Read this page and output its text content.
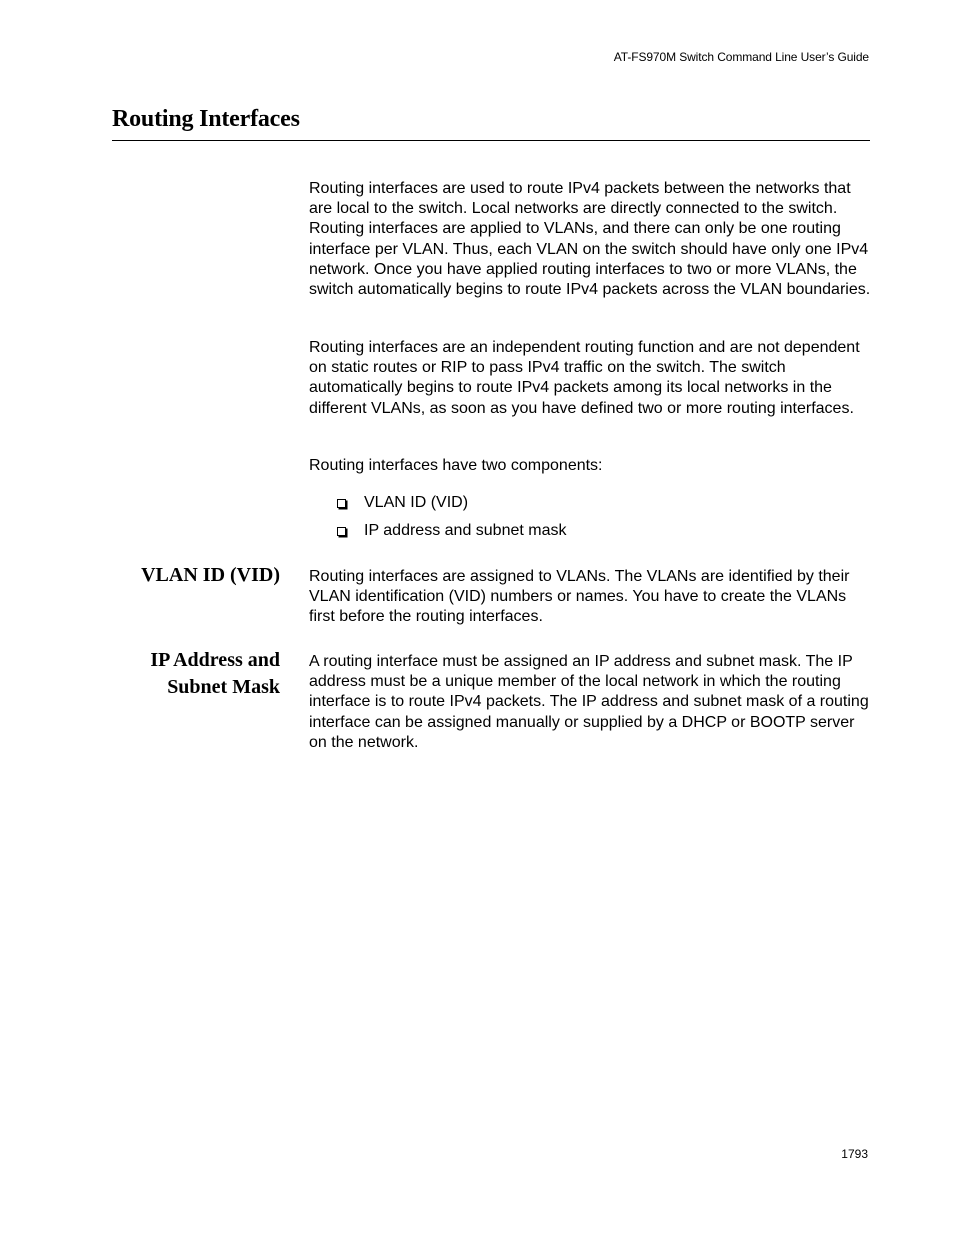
AT-FS970M Switch Command Line User’s Guide
Routing Interfaces

Routing interfaces are used to route IPv4 packets between the networks that are local to the switch. Local networks are directly connected to the switch. Routing interfaces are applied to VLANs, and there can only be one routing interface per VLAN. Thus, each VLAN on the switch should have only one IPv4 network. Once you have applied routing interfaces to two or more VLANs, the switch automatically begins to route IPv4 packets across the VLAN boundaries.

Routing interfaces are an independent routing function and are not dependent on static routes or RIP to pass IPv4 traffic on the switch. The switch automatically begins to route IPv4 packets among its local networks in the different VLANs, as soon as you have defined two or more routing interfaces.

Routing interfaces have two components:

VLAN ID (VID)
IP address and subnet mask
VLAN ID (VID) Routing interfaces are assigned to VLANs. The VLANs are identified by their VLAN identification (VID) numbers or names. You have to create the VLANs first before the routing interfaces.

IP Address and
Subnet Mask

A routing interface must be assigned an IP address and subnet mask. The IP address must be a unique member of the local network in which the routing interface is to route IPv4 packets. The IP address and subnet mask of a routing interface can be assigned manually or supplied by a DHCP or BOOTP server on the network.

1793
